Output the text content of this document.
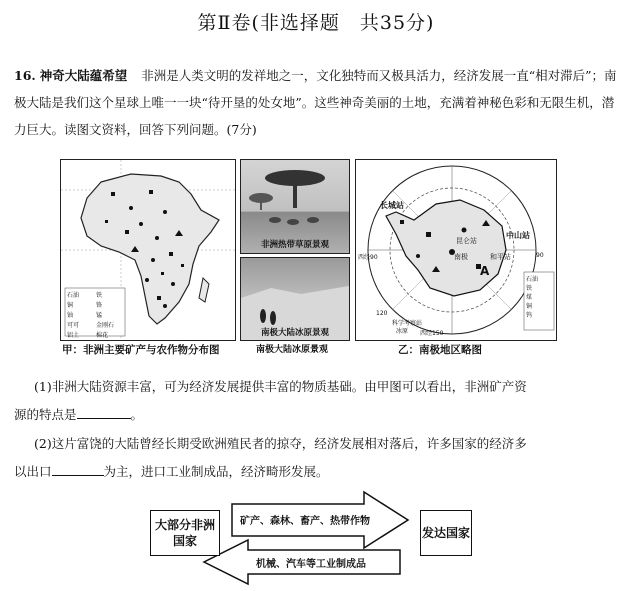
第Ⅱ卷(非选择题　共35分)
16. 神奇大陆蕴希望 非洲是人类文明的发祥地之一，文化独特而又极具活力，经济发展一直“相对滞后”；南极大陆是我们这个星球上唯一一块“待开垦的处女地”。这些神奇美丽的土地，充满着神秘色彩和无限生机，潜力巨大。读图文资料，回答下列问题。(7分)
石油	铁
铜	铬
铀	锰
可可	金刚石
铝土	棉花
非洲热带草原景观
南极大陆冰原景观
长城站
中山站
昆仑站
南极
A
和平站
西经90	90
120
西经150
石油
铁
煤
铜
钨
科学考察站
冰原
甲：非洲主要矿产与农作物分布图	南极大陆冰原景观	乙：南极地区略图
(1)非洲大陆资源丰富，可为经济发展提供丰富的物质基础。由甲图可以看出，非洲矿产资
源的特点是	。
(2)这片富饶的大陆曾经长期受欧洲殖民者的掠夺，经济发展相对落后，许多国家的经济多
以出口	为主，进口工业制成品，经济畸形发展。
大部分非洲国家
发达国家
矿产、森林、畜产、热带作物
机械、汽车等工业制成品
